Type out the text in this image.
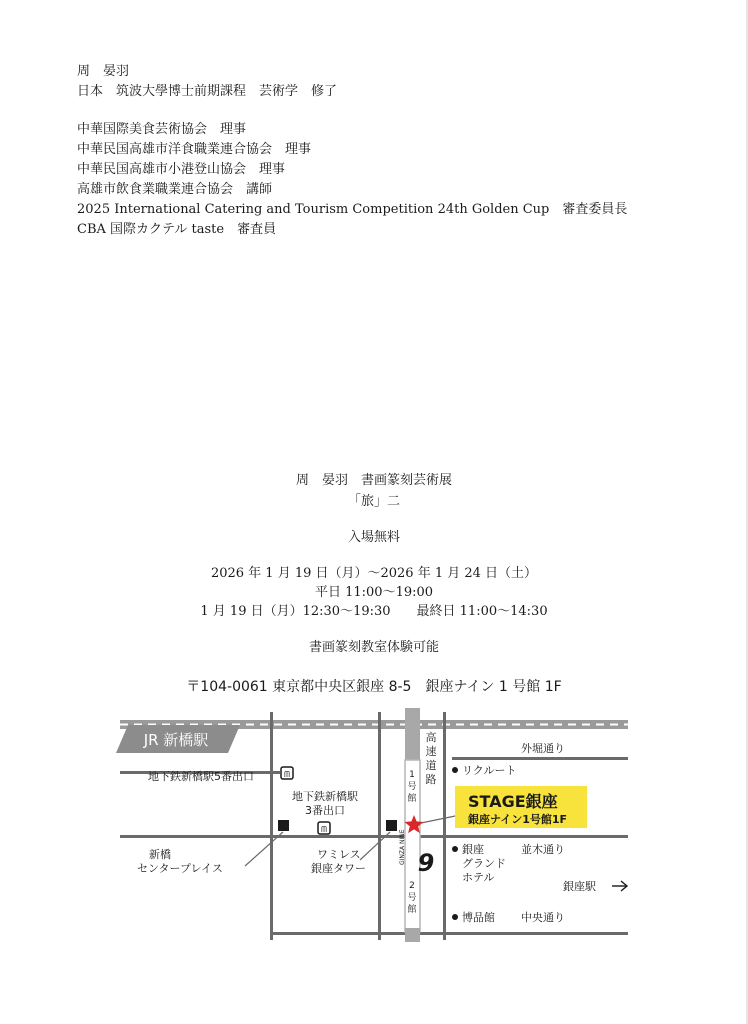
周　晏羽
日本　筑波大學博士前期課程　芸術学　修了
中華国際美食芸術協会　理事
中華民国高雄市洋食職業連合協会　理事
中華民国高雄市小港登山協会　理事
高雄市飲食業職業連合協会　講師
2025 International Catering and Tourism Competition 24th Golden Cup　審査委員長
CBA 国際カクテル taste　審査員
周　晏羽　書画篆刻芸術展
「旅」二
入場無料
2026 年 1 月 19 日（月）〜2026 年 1 月 24 日（土）
平日 11:00〜19:00
1 月 19 日（月）12:30〜19:30　　最終日 11:00〜14:30
書画篆刻教室体験可能
〒104-0061 東京都中央区銀座 8-5　銀座ナイン 1 号館 1F
JR 新橋駅
地下鉄新橋駅5番出口	ᗰ
地下鉄新橋駅
3番出口
ᗰ
高
速
道
路
1
号
館
2
号
館
GINZA NINE 9
外堀通り
リクルート
STAGE銀座
銀座ナイン1号館1F
銀座
グランド
ホテル
並木通り
銀座駅
博品館 中央通り
新橋
センタープレイス
ワミレス
銀座タワー
